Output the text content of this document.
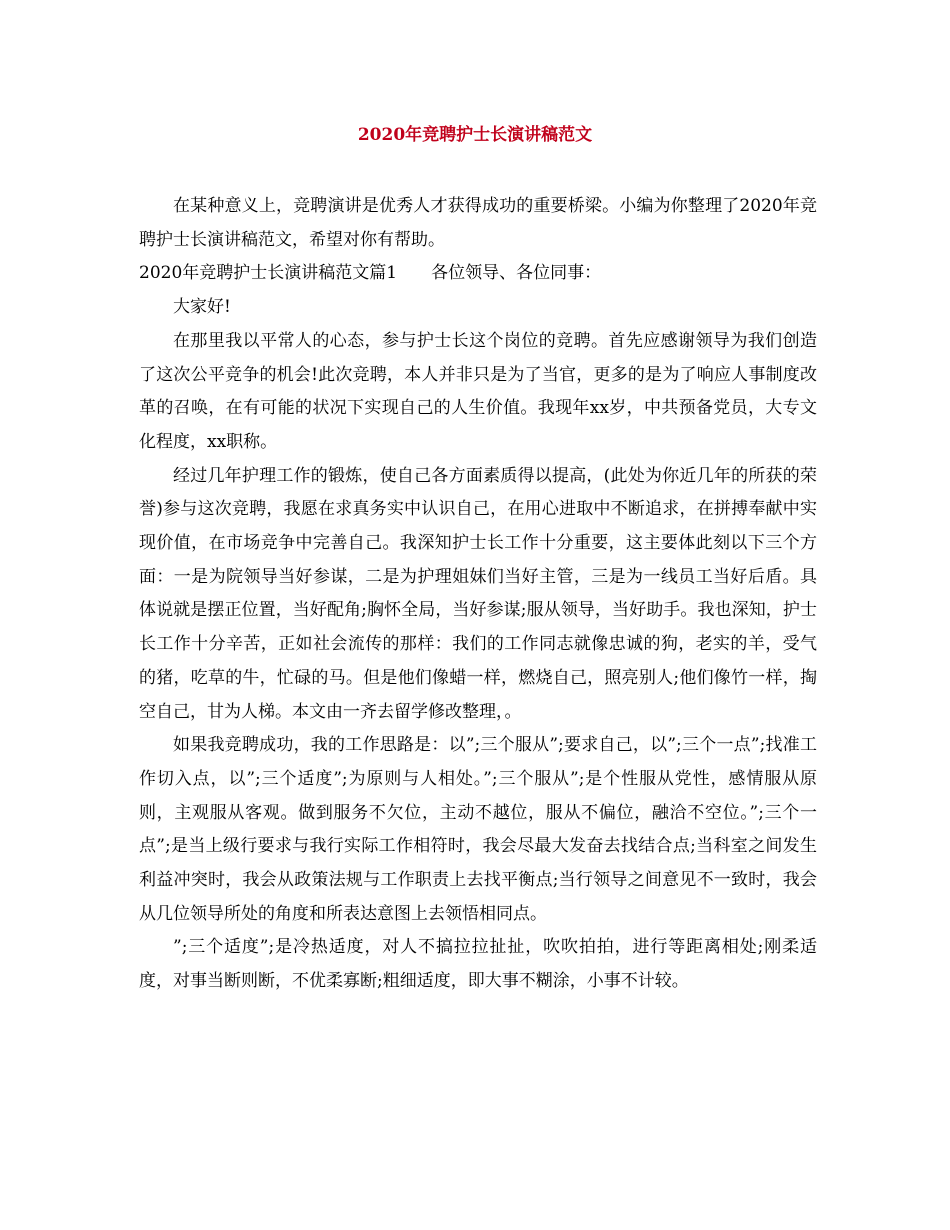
2020年竞聘护士长演讲稿范文

在某种意义上，竞聘演讲是优秀人才获得成功的重要桥梁。小编为你整理了2020年竞聘护士长演讲稿范文，希望对你有帮助。

2020年竞聘护士长演讲稿范文篇1　　各位领导、各位同事：

大家好!

在那里我以平常人的心态，参与护士长这个岗位的竞聘。首先应感谢领导为我们创造了这次公平竞争的机会!此次竞聘，本人并非只是为了当官，更多的是为了响应人事制度改革的召唤，在有可能的状况下实现自己的人生价值。我现年xx岁，中共预备党员，大专文化程度，xx职称。

经过几年护理工作的锻炼，使自己各方面素质得以提高，(此处为你近几年的所获的荣誉)参与这次竞聘，我愿在求真务实中认识自己，在用心进取中不断追求，在拼搏奉献中实现价值，在市场竞争中完善自己。我深知护士长工作十分重要，这主要体此刻以下三个方面：一是为院领导当好参谋，二是为护理姐妹们当好主管，三是为一线员工当好后盾。具体说就是摆正位置，当好配角;胸怀全局，当好参谋;服从领导，当好助手。我也深知，护士长工作十分辛苦，正如社会流传的那样：我们的工作同志就像忠诚的狗，老实的羊，受气的猪，吃草的牛，忙碌的马。但是他们像蜡一样，燃烧自己，照亮别人;他们像竹一样，掏空自己，甘为人梯。本文由一齐去留学修改整理，。

如果我竞聘成功，我的工作思路是：以”;三个服从”;要求自己，以”;三个一点”;找准工作切入点，以”;三个适度”;为原则与人相处。”;三个服从”;是个性服从党性，感情服从原则，主观服从客观。做到服务不欠位，主动不越位，服从不偏位，融洽不空位。”;三个一点”;是当上级行要求与我行实际工作相符时，我会尽最大发奋去找结合点;当科室之间发生利益冲突时，我会从政策法规与工作职责上去找平衡点;当行领导之间意见不一致时，我会从几位领导所处的角度和所表达意图上去领悟相同点。

”;三个适度”;是冷热适度，对人不搞拉拉扯扯，吹吹拍拍，进行等距离相处;刚柔适度，对事当断则断，不优柔寡断;粗细适度，即大事不糊涂，小事不计较。
